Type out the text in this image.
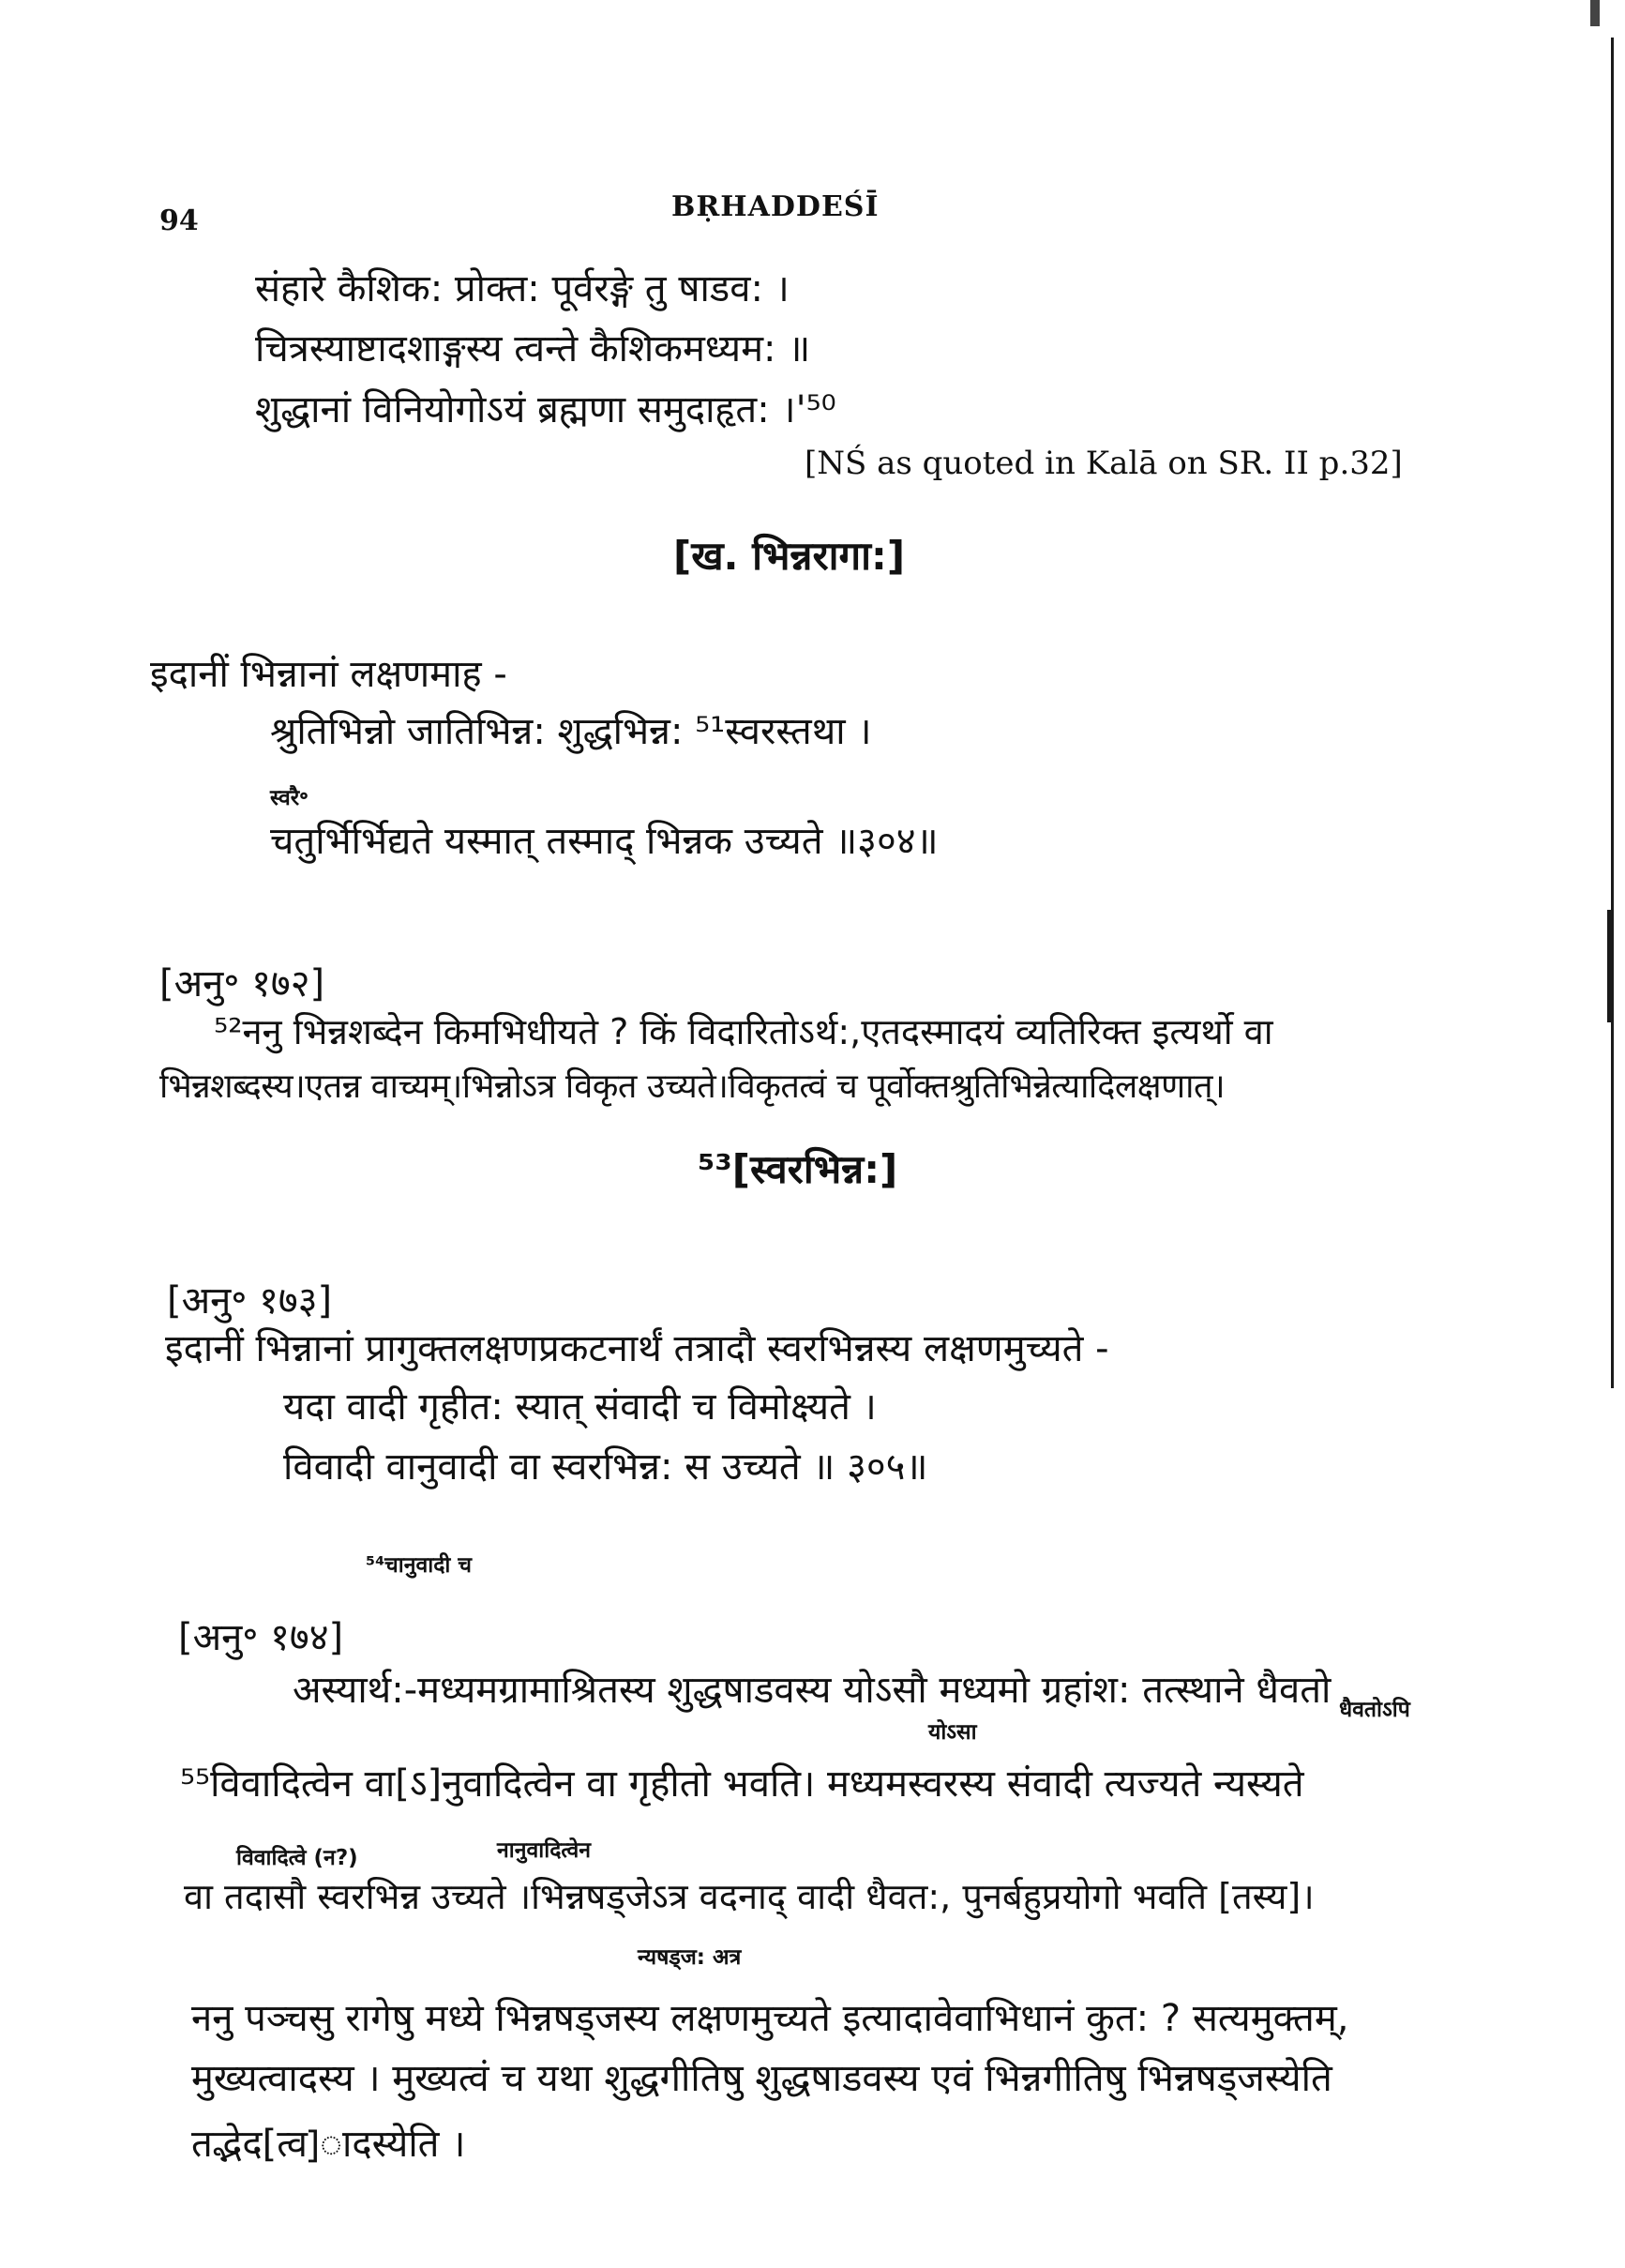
94	BṚHADDEŚĪ
संहारे कैशिक: प्रोक्त: पूर्वरङ्गे तु षाडव: ।
चित्रस्याष्टादशाङ्गस्य त्वन्ते कैशिकमध्यम: ॥
शुद्धानां विनियोगोऽयं ब्रह्मणा समुदाहृत: ।'⁵⁰
[NŚ as quoted in Kalā on SR. II p.32]
[ख. भिन्नरागा:]
इदानीं भिन्नानां लक्षणमाह -
श्रुतिभिन्नो जातिभिन्न: शुद्धभिन्न: ⁵¹स्वरस्तथा ।
स्वरै॰
चतुर्भिर्भिद्यते यस्मात् तस्माद् भिन्नक उच्यते ॥३०४॥
[अनु॰ १७२]
⁵²ननु भिन्नशब्देन किमभिधीयते ? किं विदारितोऽर्थ:,एतदस्मादयं व्यतिरिक्त इत्यर्थो वा
भिन्नशब्दस्य।एतन्न वाच्यम्।भिन्नोऽत्र विकृत उच्यते।विकृतत्वं च पूर्वोक्तश्रुतिभिन्नेत्यादिलक्षणात्।
⁵³[स्वरभिन्न:]
[अनु॰ १७३]
इदानीं भिन्नानां प्रागुक्तलक्षणप्रकटनार्थं तत्रादौ स्वरभिन्नस्य लक्षणमुच्यते -
यदा वादी गृहीत: स्यात् संवादी च विमोक्ष्यते ।
विवादी वानुवादी वा स्वरभिन्न: स उच्यते ॥ ३०५॥
⁵⁴चानुवादी च
[अनु॰ १७४]
अस्यार्थ:-मध्यमग्रामाश्रितस्य शुद्धषाडवस्य योऽसौ मध्यमो ग्रहांश: तत्स्थाने धैवतो
योऽसा
धैवतोऽपि
⁵⁵विवादित्वेन वा[ऽ]नुवादित्वेन वा गृहीतो भवति। मध्यमस्वरस्य संवादी त्यज्यते न्यस्यते
विवादित्वे (न?)	नानुवादित्वेन
वा तदासौ स्वरभिन्न उच्यते ।भिन्नषड्जेऽत्र वदनाद् वादी धैवत:, पुनर्बहुप्रयोगो भवति [तस्य]।
न्यषड्ज: अत्र
ननु पञ्चसु रागेषु मध्ये भिन्नषड्जस्य लक्षणमुच्यते इत्यादावेवाभिधानं कुत: ? सत्यमुक्तम्,
मुख्यत्वादस्य । मुख्यत्वं च यथा शुद्धगीतिषु शुद्धषाडवस्य एवं भिन्नगीतिषु भिन्नषड्जस्येति
तद्भेद[त्व]ादस्येति ।
